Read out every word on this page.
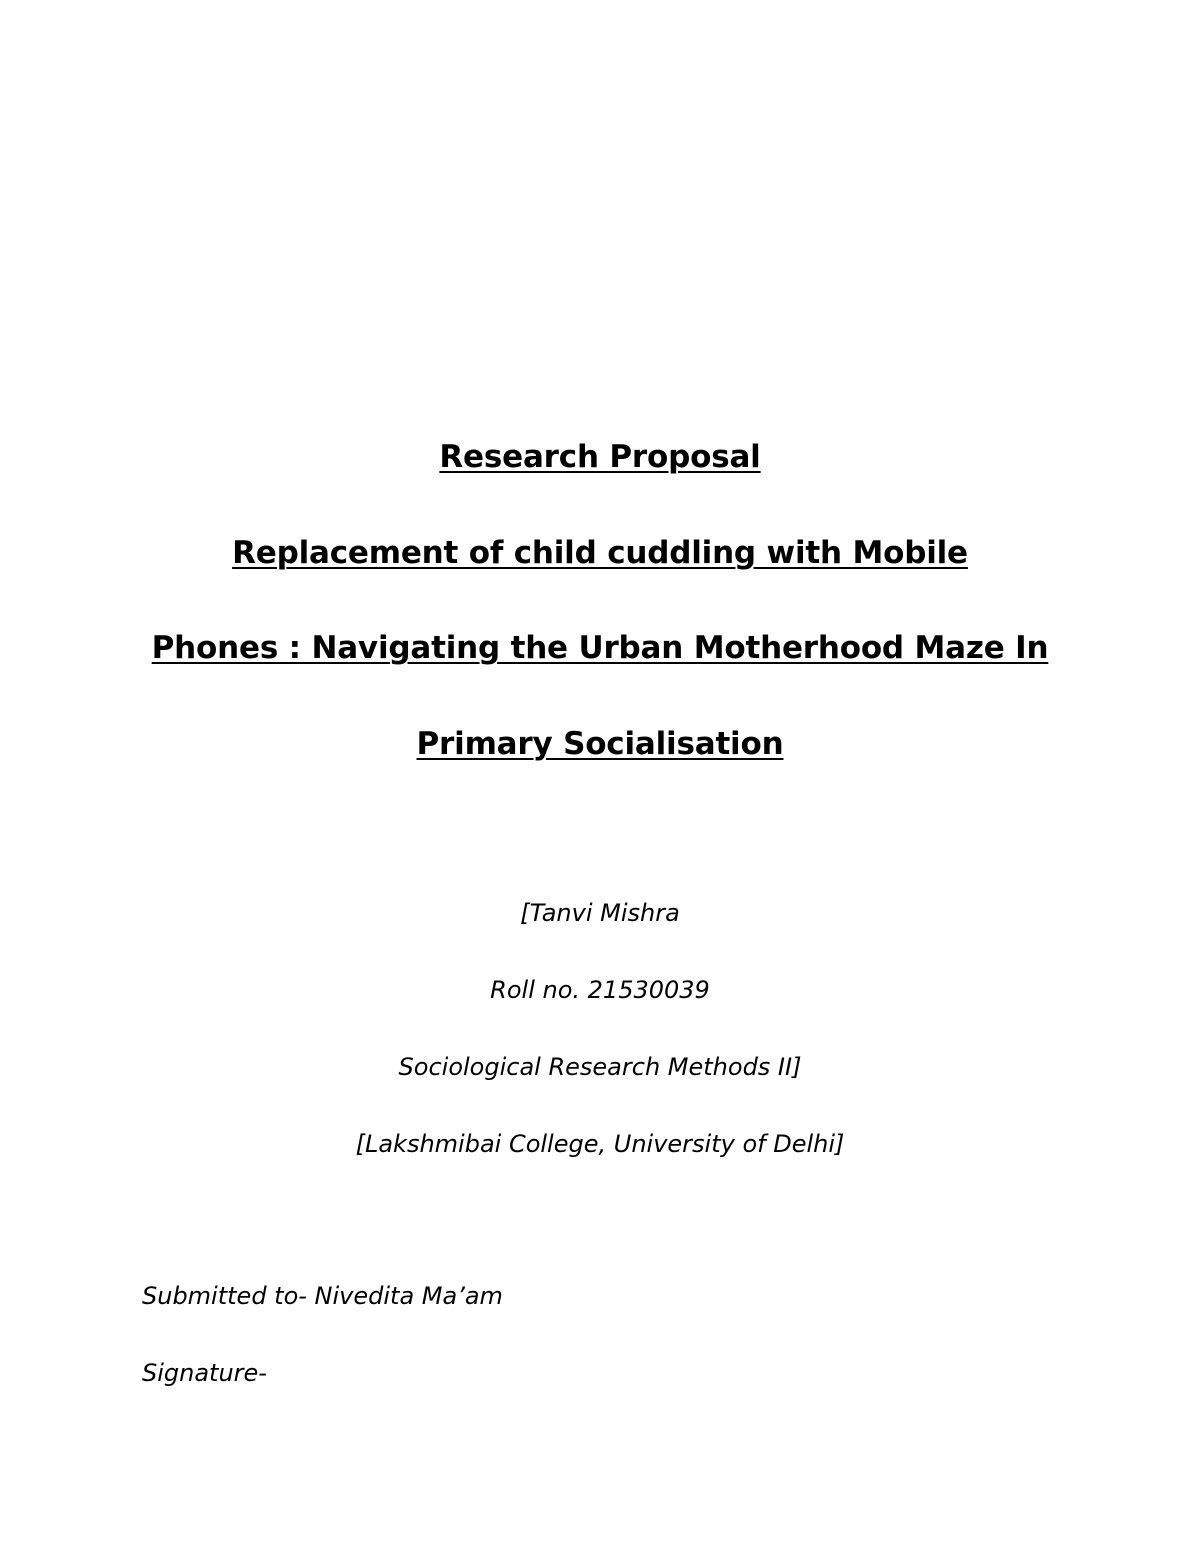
Research Proposal
Replacement of child cuddling with Mobile
Phones : Navigating the Urban Motherhood Maze In
Primary Socialisation
[Tanvi Mishra
Roll no. 21530039
Sociological Research Methods II]
[Lakshmibai College, University of Delhi]
Submitted to- Nivedita Ma’am
Signature-
